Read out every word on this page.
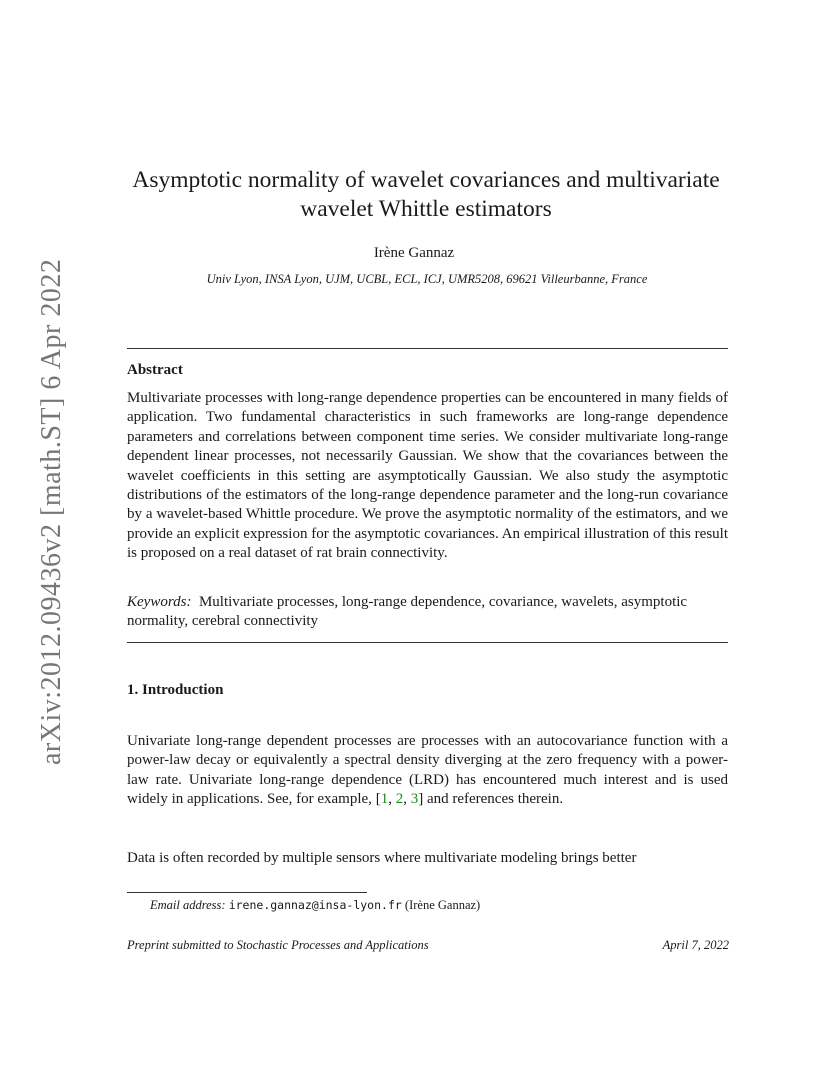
arXiv:2012.09436v2 [math.ST] 6 Apr 2022
Asymptotic normality of wavelet covariances and multivariate wavelet Whittle estimators
Irène Gannaz
Univ Lyon, INSA Lyon, UJM, UCBL, ECL, ICJ, UMR5208, 69621 Villeurbanne, France
Abstract
Multivariate processes with long-range dependence properties can be encountered in many fields of application. Two fundamental characteristics in such frameworks are long-range dependence parameters and correlations between component time series. We consider multivariate long-range dependent linear processes, not necessarily Gaussian. We show that the covariances between the wavelet coefficients in this setting are asymptotically Gaussian. We also study the asymptotic distributions of the estimators of the long-range dependence parameter and the long-run covariance by a wavelet-based Whittle procedure. We prove the asymptotic normality of the estimators, and we provide an explicit expression for the asymptotic covariances. An empirical illustration of this result is proposed on a real dataset of rat brain connectivity.
Keywords: Multivariate processes, long-range dependence, covariance, wavelets, asymptotic normality, cerebral connectivity
1. Introduction
Univariate long-range dependent processes are processes with an autocovariance function with a power-law decay or equivalently a spectral density diverging at the zero frequency with a power-law rate. Univariate long-range dependence (LRD) has encountered much interest and is used widely in applications. See, for example, [1, 2, 3] and references therein.
Data is often recorded by multiple sensors where multivariate modeling brings better
Email address: irene.gannaz@insa-lyon.fr (Irène Gannaz)
Preprint submitted to Stochastic Processes and Applications	April 7, 2022
